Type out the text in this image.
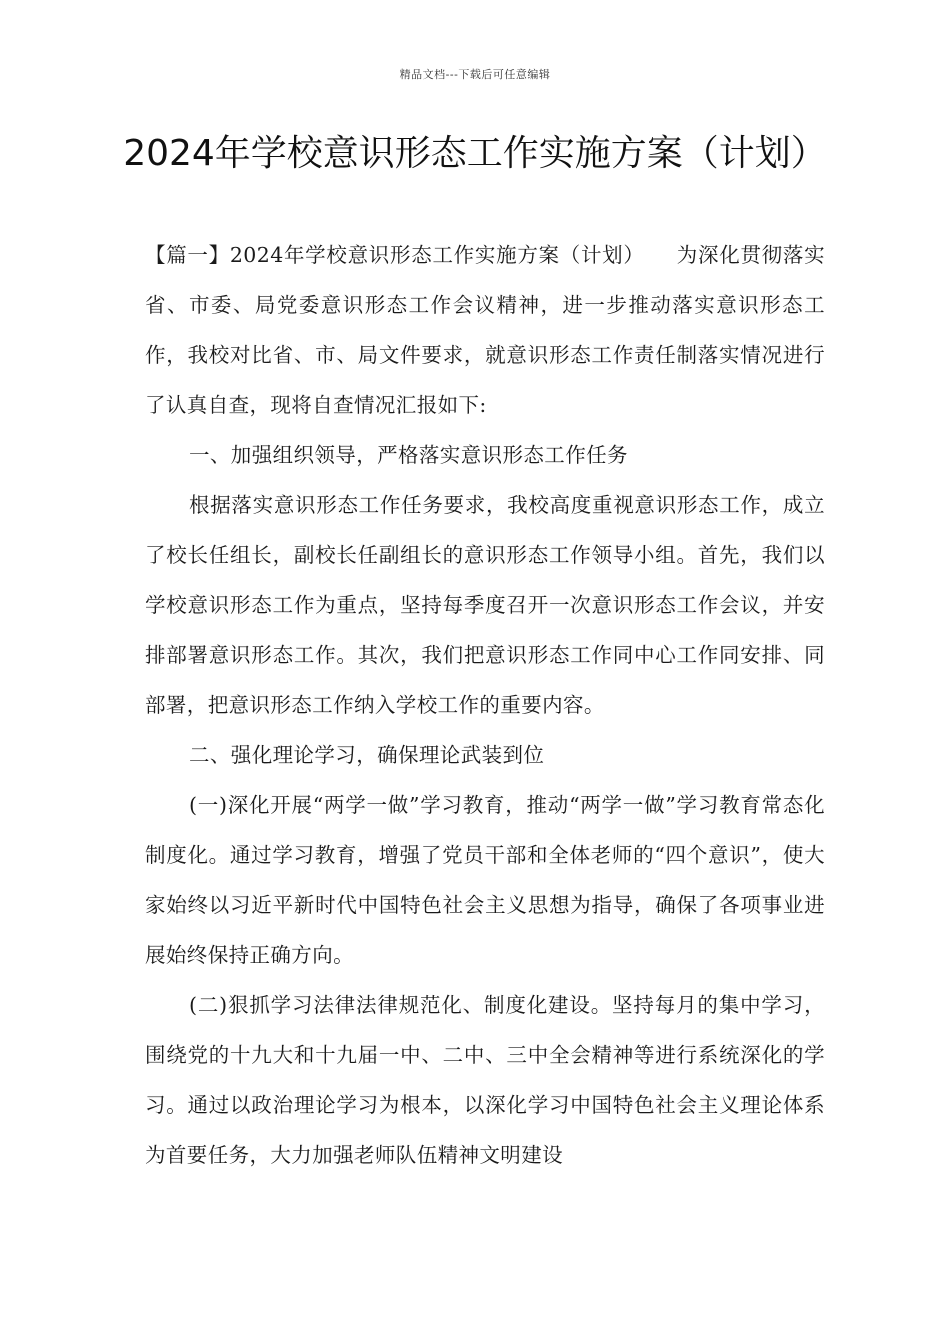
精品文档---下载后可任意编辑
2024年学校意识形态工作实施方案（计划）

【篇一】2024年学校意识形态工作实施方案（计划）　　为深化贯彻落实省、市委、局党委意识形态工作会议精神，进一步推动落实意识形态工作，我校对比省、市、局文件要求，就意识形态工作责任制落实情况进行了认真自查，现将自查情况汇报如下:

一、加强组织领导，严格落实意识形态工作任务

根据落实意识形态工作任务要求，我校高度重视意识形态工作，成立了校长任组长，副校长任副组长的意识形态工作领导小组。首先，我们以学校意识形态工作为重点，坚持每季度召开一次意识形态工作会议，并安排部署意识形态工作。其次，我们把意识形态工作同中心工作同安排、同部署，把意识形态工作纳入学校工作的重要内容。

二、强化理论学习，确保理论武装到位

(一)深化开展“两学一做”学习教育，推动“两学一做”学习教育常态化制度化。通过学习教育，增强了党员干部和全体老师的“四个意识”，使大家始终以习近平新时代中国特色社会主义思想为指导，确保了各项事业进展始终保持正确方向。

(二)狠抓学习法律法律规范化、制度化建设。坚持每月的集中学习，围绕党的十九大和十九届一中、二中、三中全会精神等进行系统深化的学习。通过以政治理论学习为根本，以深化学习中国特色社会主义理论体系为首要任务，大力加强老师队伍精神文明建设
